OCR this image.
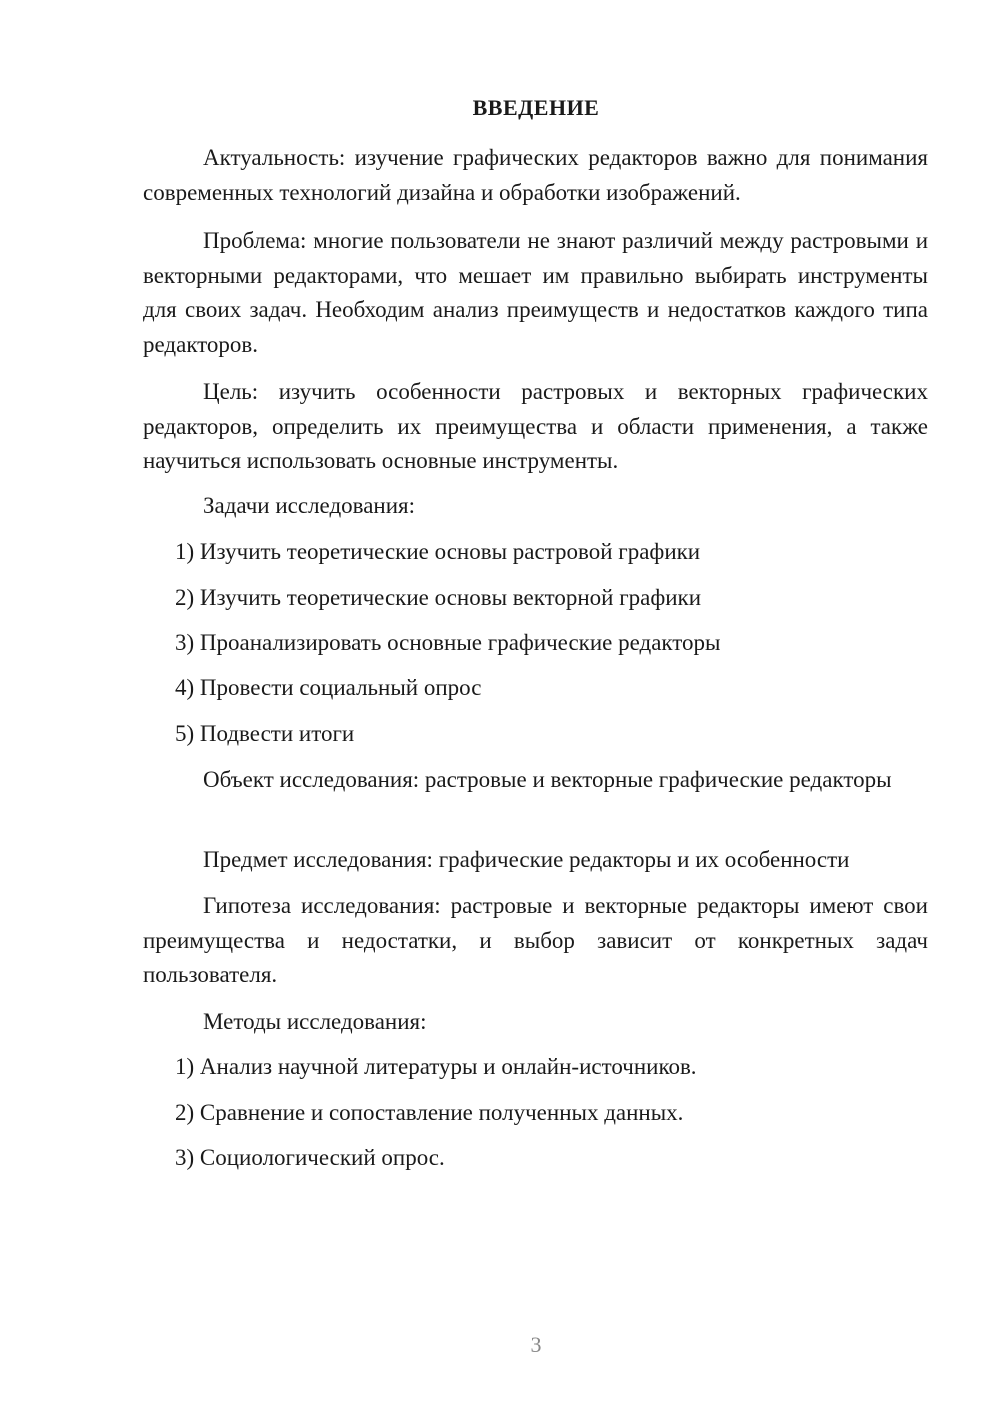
ВВЕДЕНИЕ

Актуальность: изучение графических редакторов важно для понимания современных технологий дизайна и обработки изображений.

Проблема: многие пользователи не знают различий между растровыми и векторными редакторами, что мешает им правильно выбирать инструменты для своих задач. Необходим анализ преимуществ и недостатков каждого типа редакторов.

Цель: изучить особенности растровых и векторных графических редакторов, определить их преимущества и области применения, а также научиться использовать основные инструменты.

Задачи исследования:

1) Изучить теоретические основы растровой графики

2) Изучить теоретические основы векторной графики

3) Проанализировать основные графические редакторы

4) Провести социальный опрос

5) Подвести итоги

Объект исследования: растровые и векторные графические редакторы

Предмет исследования: графические редакторы и их особенности

Гипотеза исследования: растровые и векторные редакторы имеют свои преимущества и недостатки, и выбор зависит от конкретных задач пользователя.

Методы исследования:

1) Анализ научной литературы и онлайн-источников.

2) Сравнение и сопоставление полученных данных.

3) Социологический опрос.

3
